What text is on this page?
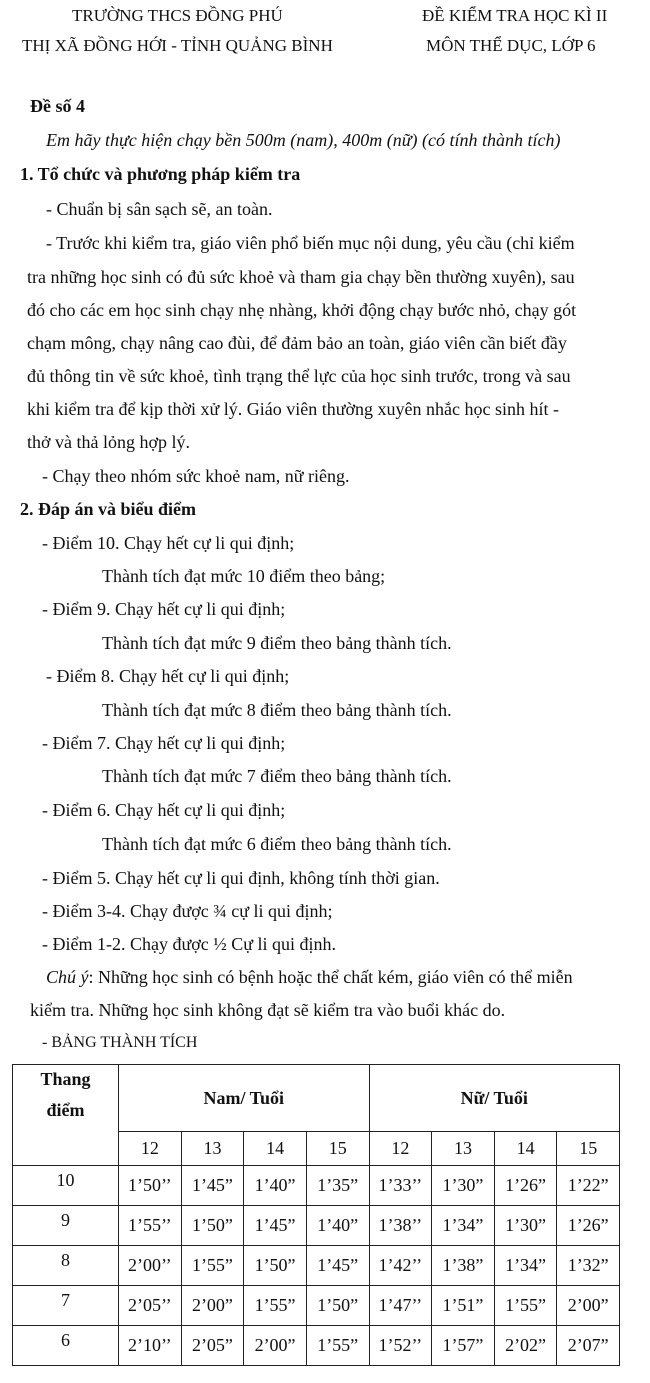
TRƯỜNG THCS ĐỒNG PHÚ
THỊ XÃ ĐỒNG HỚI - TỈNH QUẢNG BÌNH
ĐỀ KIỂM TRA HỌC KÌ II
MÔN THỂ DỤC, LỚP 6
Đề số 4
Em hãy thực hiện chạy bền 500m (nam), 400m (nữ) (có tính thành tích)
1. Tổ chức và phương pháp kiểm tra
- Chuẩn bị sân sạch sẽ, an toàn.
- Trước khi kiểm tra, giáo viên phổ biến mục nội dung, yêu cầu (chỉ kiểm
tra những học sinh có đủ sức khoẻ và tham gia chạy bền thường xuyên), sau
đó cho các em học sinh chạy nhẹ nhàng, khởi động chạy bước nhỏ, chạy gót
chạm mông, chạy nâng cao đùi, để đảm bảo an toàn, giáo viên cần biết đầy
đủ thông tin về sức khoẻ, tình trạng thể lực của học sinh trước, trong và sau
khi kiểm tra để kịp thời xử lý. Giáo viên thường xuyên nhắc học sinh hít -
thở và thả lỏng hợp lý.
- Chạy theo nhóm sức khoẻ nam, nữ riêng.
2. Đáp án và biểu điểm
- Điểm 10. Chạy hết cự li qui định;
Thành tích đạt mức 10 điểm theo bảng;
- Điểm 9. Chạy hết cự li qui định;
Thành tích đạt mức 9 điểm theo bảng thành tích.
- Điểm 8. Chạy hết cự li qui định;
Thành tích đạt mức 8 điểm theo bảng thành tích.
- Điểm 7. Chạy hết cự li qui định;
Thành tích đạt mức 7 điểm theo bảng thành tích.
- Điểm 6. Chạy hết cự li qui định;
Thành tích đạt mức 6 điểm theo bảng thành tích.
- Điểm 5. Chạy hết cự li qui định, không tính thời gian.
- Điểm 3-4. Chạy được ¾ cự li qui định;
- Điểm 1-2. Chạy được ½ Cự li qui định.
Chú ý: Những học sinh có bệnh hoặc thể chất kém, giáo viên có thể miễn
kiểm tra. Những học sinh không đạt sẽ kiểm tra vào buổi khác do.
- BẢNG THÀNH TÍCH
Thang
điểm	Nam/ Tuổi				Nữ/ Tuổi			
	12	13	14	15	12	13	14	15
10	1’50’’	1’45”	1’40”	1’35”	1’33’’	1’30”	1’26”	1’22”
9	1’55’’	1’50”	1’45”	1’40”	1’38’’	1’34”	1’30”	1’26”
8	2’00’’	1’55”	1’50”	1’45”	1’42’’	1’38”	1’34”	1’32”
7	2’05’’	2’00”	1’55”	1’50”	1’47’’	1’51”	1’55”	2’00”
6	2’10’’	2’05”	2’00”	1’55”	1’52’’	1’57”	2’02”	2’07”
